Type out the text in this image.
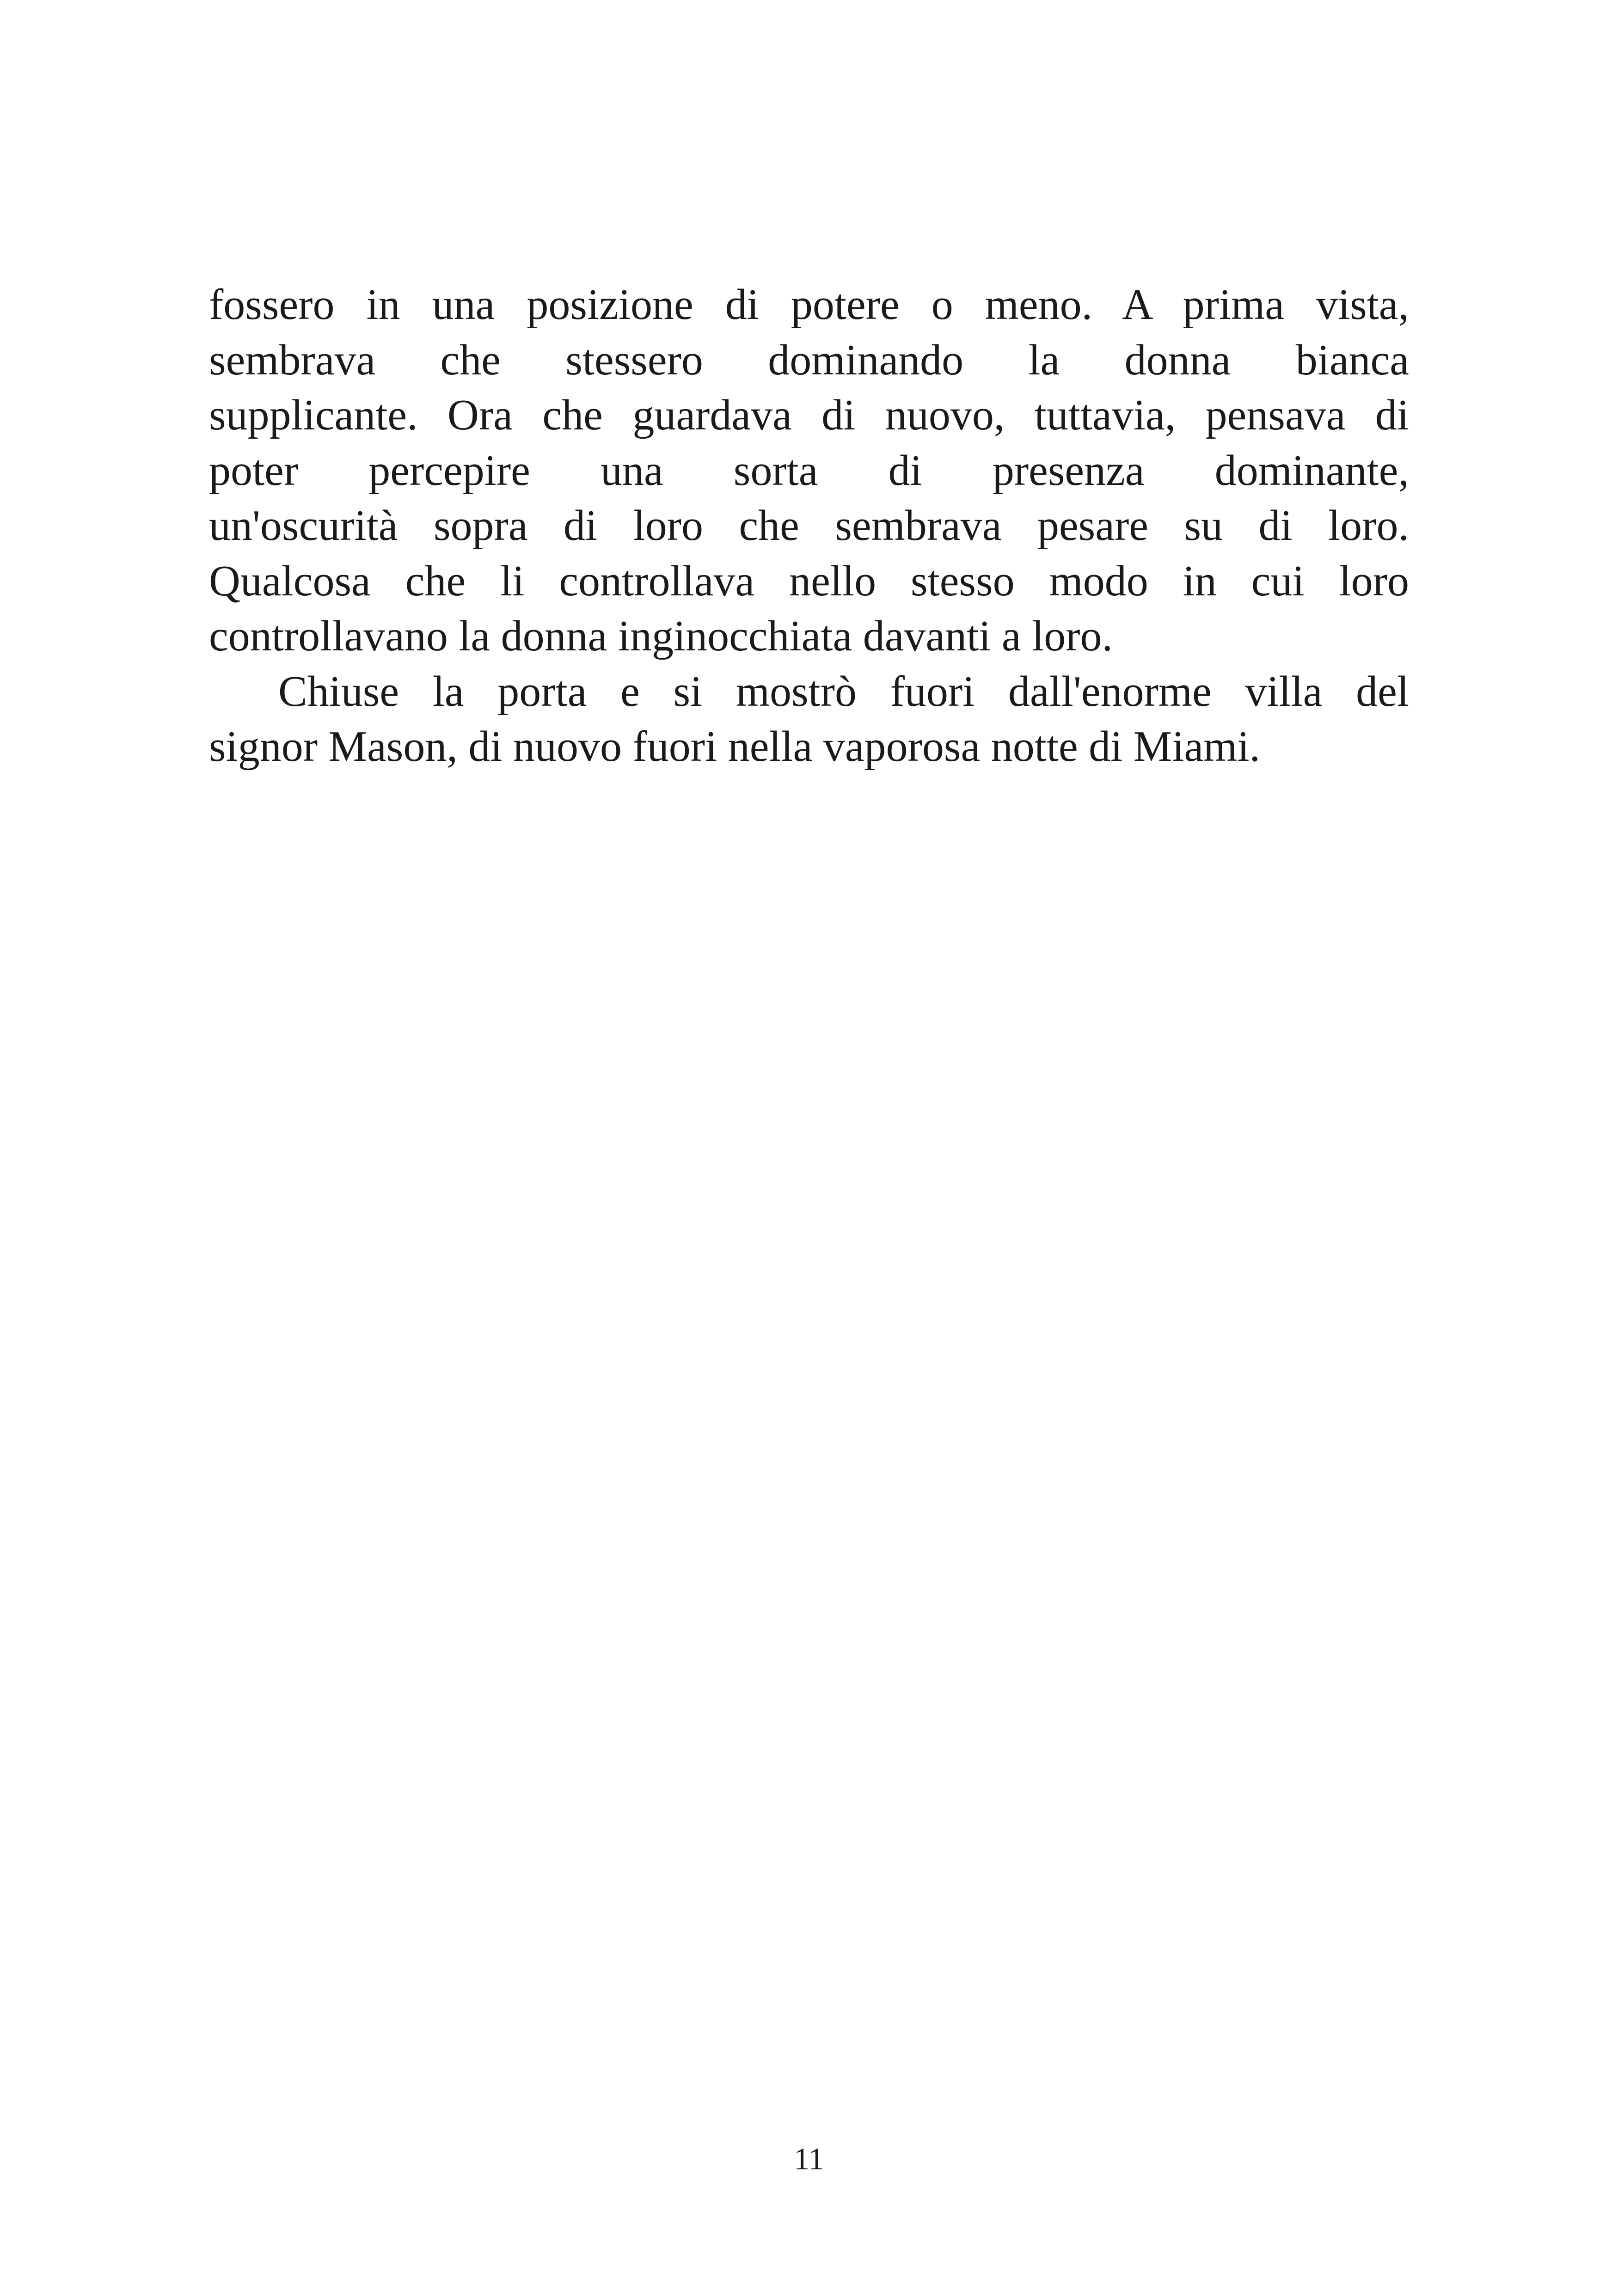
fossero in una posizione di potere o meno. A prima vista,
sembrava che stessero dominando la donna bianca
supplicante. Ora che guardava di nuovo, tuttavia, pensava di
poter percepire una sorta di presenza dominante,
un'oscurità sopra di loro che sembrava pesare su di loro.
Qualcosa che li controllava nello stesso modo in cui loro
controllavano la donna inginocchiata davanti a loro.
Chiuse la porta e si mostrò fuori dall'enorme villa del
signor Mason, di nuovo fuori nella vaporosa notte di Miami.
11
